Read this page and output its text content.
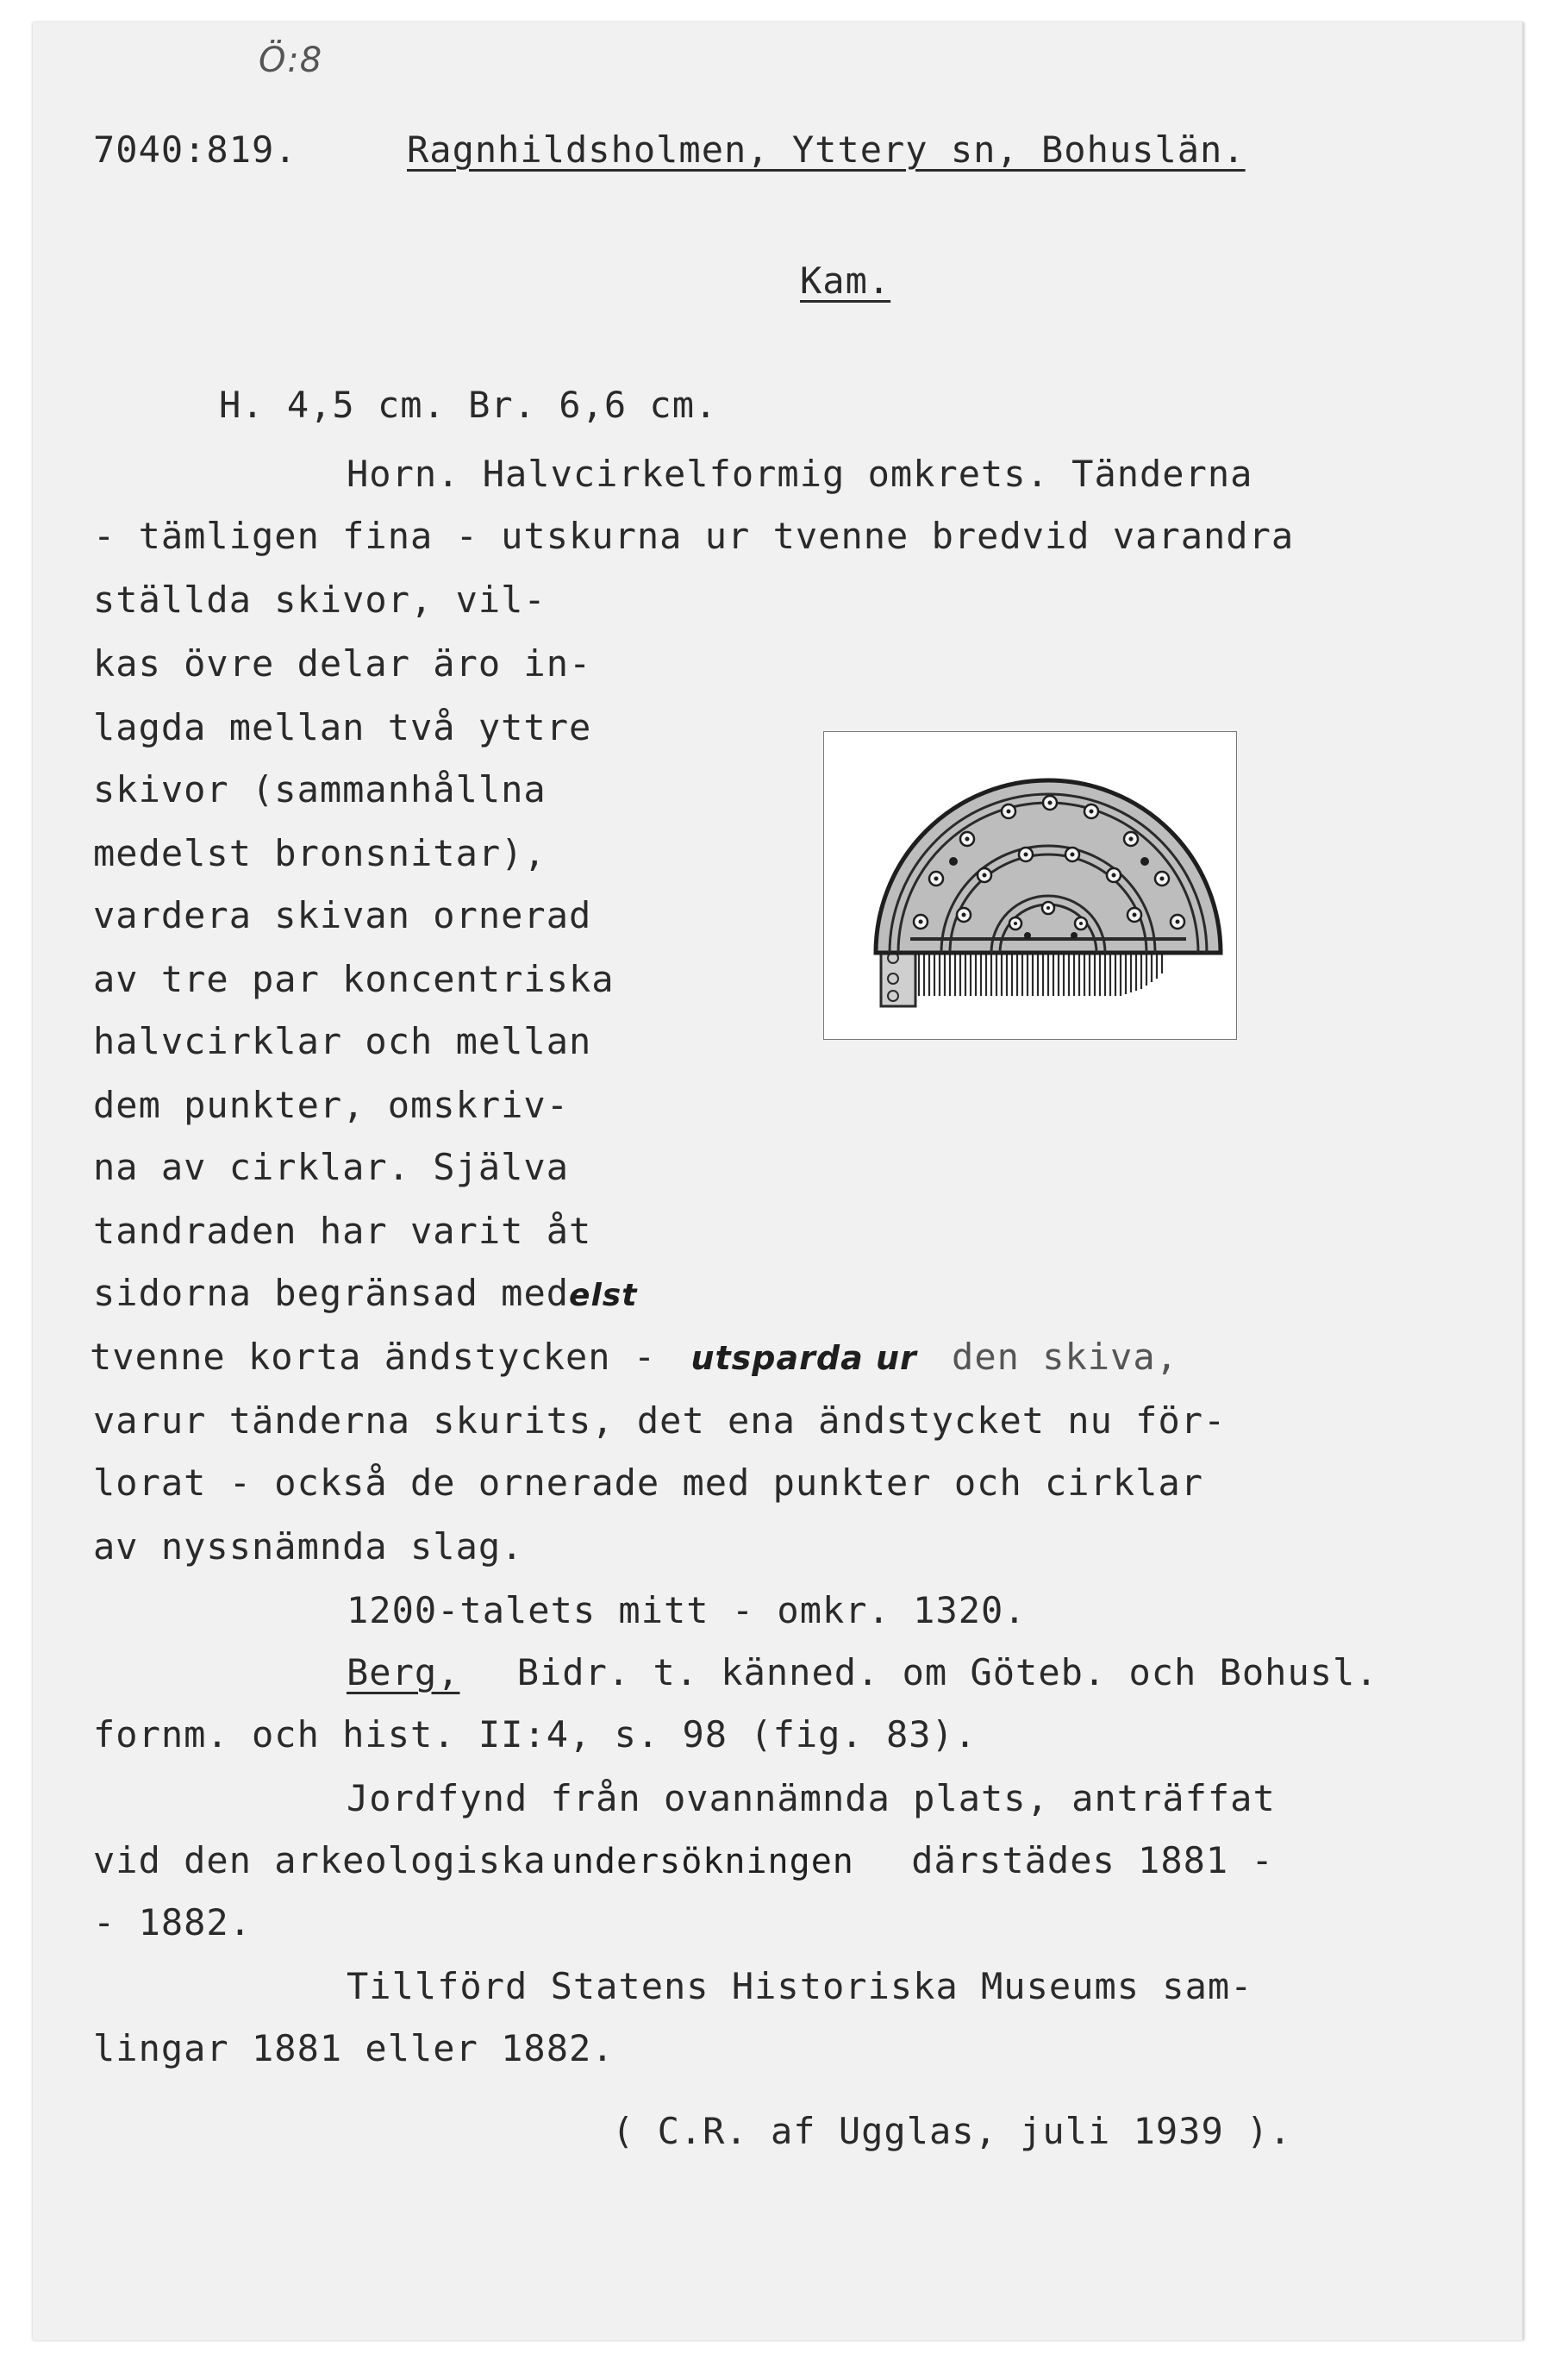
Ö:8
7040:819.	Ragnhildsholmen, Yttery sn, Bohuslän.
Kam.
H. 4,5 cm. Br. 6,6 cm.
Horn. Halvcirkelformig omkrets. Tänderna
- tämligen fina - utskurna ur tvenne bredvid varandra
ställda skivor, vil-
kas övre delar äro in-
lagda mellan två yttre
skivor (sammanhållna
medelst bronsnitar),
vardera skivan ornerad
av tre par koncentriska
halvcirklar och mellan
dem punkter, omskriv-
na av cirklar. Själva
tandraden har varit åt
sidorna begränsad medelst
tvenne korta ändstycken - utsparda ur den skiva,
varur tänderna skurits, det ena ändstycket nu för-
lorat - också de ornerade med punkter och cirklar
av nyssnämnda slag.
1200-talets mitt - omkr. 1320.
Berg, Bidr. t. känned. om Göteb. och Bohusl.
fornm. och hist. II:4, s. 98 (fig. 83).
Jordfynd från ovannämnda plats, anträffat
vid den arkeologiska undersökningen därstädes 1881 -
- 1882.
Tillförd Statens Historiska Museums sam-
lingar 1881 eller 1882.
( C.R. af Ugglas, juli 1939 ).
